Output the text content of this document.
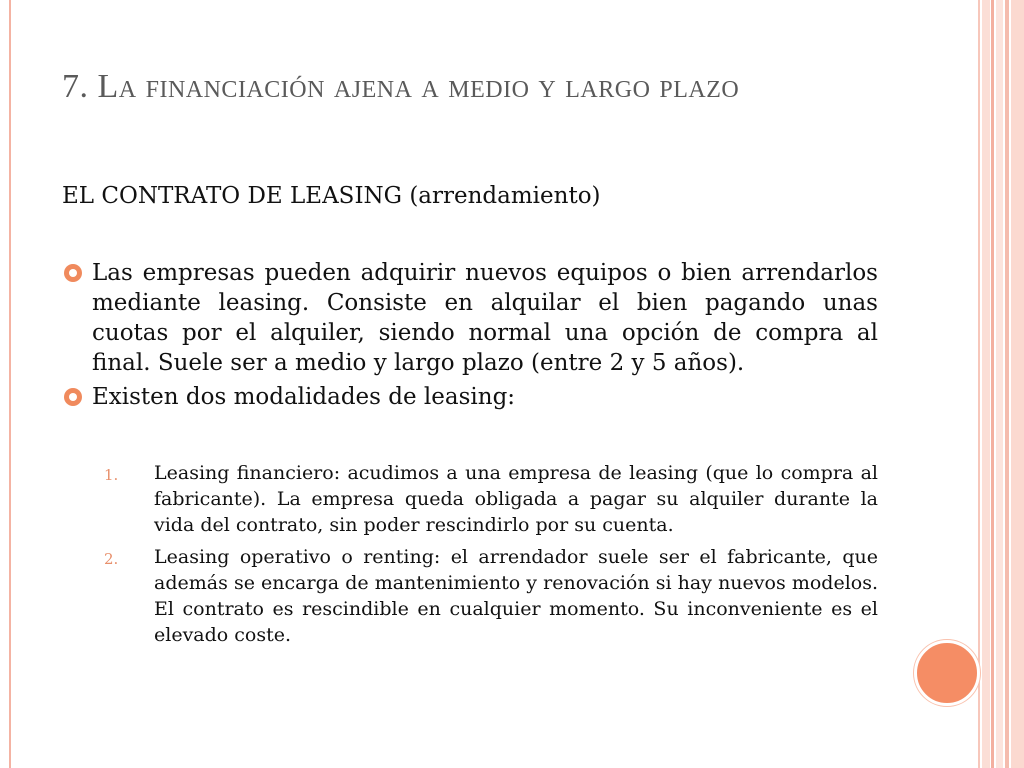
7. La financiación ajena a medio y largo plazo

EL CONTRATO DE LEASING (arrendamiento)

Las empresas pueden adquirir nuevos equipos o bien arrendarlos mediante leasing. Consiste en alquilar el bien pagando unas cuotas por el alquiler, siendo normal una opción de compra al final. Suele ser a medio y largo plazo (entre 2 y 5 años).
Existen dos modalidades de leasing:
1. Leasing financiero: acudimos a una empresa de leasing (que lo compra al fabricante). La empresa queda obligada a pagar su alquiler durante la vida del contrato, sin poder rescindirlo por su cuenta.
2. Leasing operativo o renting: el arrendador suele ser el fabricante, que además se encarga de mantenimiento y renovación si hay nuevos modelos. El contrato es rescindible en cualquier momento. Su inconveniente es el elevado coste.
